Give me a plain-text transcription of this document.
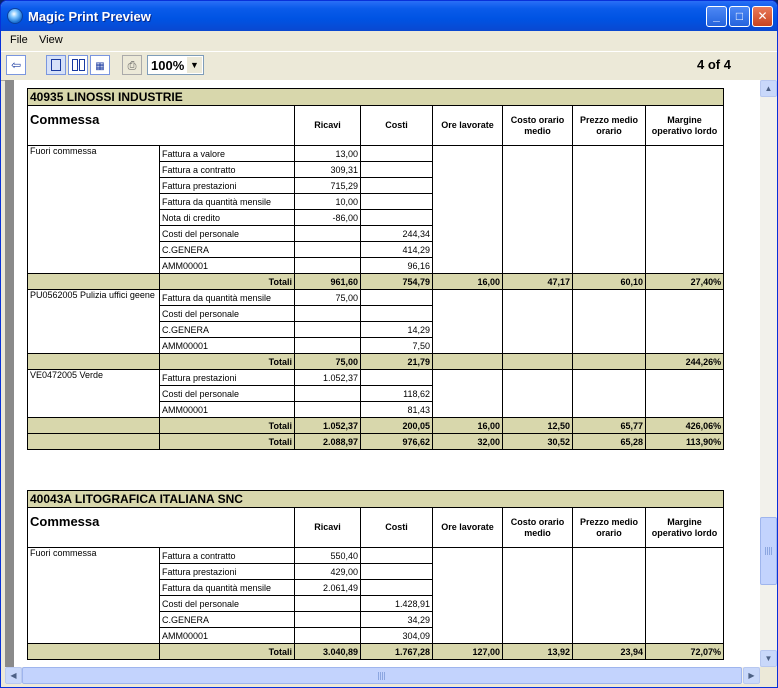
Magic Print Preview	_	□	✕
File View
⇦	▦	⎙	100% ▼	4 of 4
40935 LINOSSI INDUSTRIE							
Commessa		Ricavi	Costi	Ore lavorate	Costo orario medio	Prezzo medio orario	Margine operativo lordo
Fuori commessa	Fattura a valore	13,00					
	Fattura a contratto	309,31					
	Fattura prestazioni	715,29					
	Fattura da quantità mensile	10,00					
	Nota di credito	-86,00					
	Costi del personale		244,34				
	C.GENERA		414,29				
	AMM00001		96,16				
	Totali	961,60	754,79	16,00	47,17	60,10	27,40%
PU0562005 Pulizia uffici geene	Fattura da quantità mensile	75,00					
	Costi del personale						
	C.GENERA		14,29				
	AMM00001		7,50				
	Totali	75,00	21,79				244,26%
VE0472005 Verde	Fattura prestazioni	1.052,37					
	Costi del personale		118,62				
	AMM00001		81,43				
	Totali	1.052,37	200,05	16,00	12,50	65,77	426,06%
	Totali	2.088,97	976,62	32,00	30,52	65,28	113,90%
40043A LITOGRAFICA ITALIANA SNC							
Commessa		Ricavi	Costi	Ore lavorate	Costo orario medio	Prezzo medio orario	Margine operativo lordo
Fuori commessa	Fattura a contratto	550,40					
	Fattura prestazioni	429,00					
	Fattura da quantità mensile	2.061,49					
	Costi del personale		1.428,91				
	C.GENERA		34,29				
	AMM00001		304,09				
	Totali	3.040,89	1.767,28	127,00	13,92	23,94	72,07%
▲
▼
◀	▶
